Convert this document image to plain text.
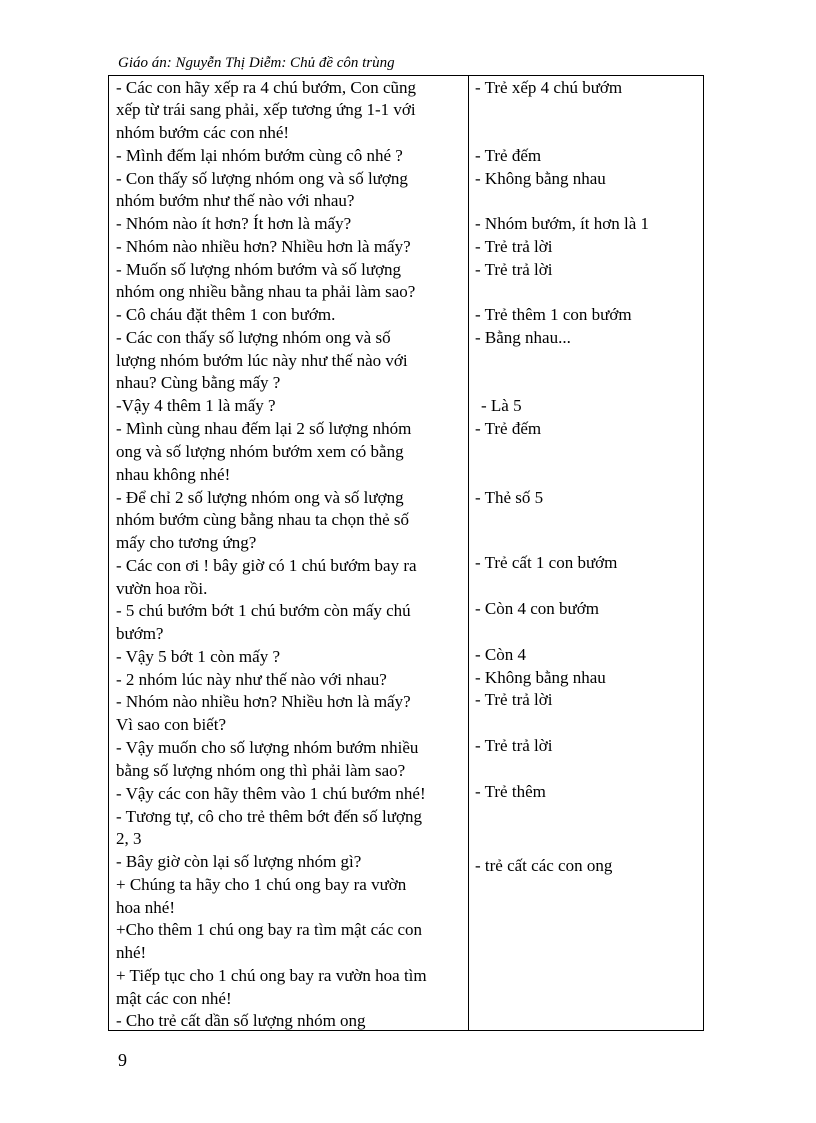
Giáo án: Nguyễn Thị Diễm: Chủ đề côn trùng
- Các con hãy xếp ra 4 chú bướm, Con cũng
xếp từ trái sang phải, xếp tương ứng 1-1 với
nhóm bướm các con nhé!
- Mình đếm lại nhóm bướm cùng cô nhé ?
- Con thấy số lượng nhóm ong và số lượng
nhóm bướm như thế nào với nhau?
- Nhóm nào ít hơn? Ít hơn là mấy?
- Nhóm nào nhiều hơn? Nhiều hơn là mấy?
- Muốn số lượng nhóm bướm và số lượng
nhóm ong nhiều bằng nhau ta phải làm sao?
- Cô cháu đặt thêm 1 con bướm.
- Các con thấy số lượng nhóm ong và số
lượng nhóm bướm lúc này như thế nào với
nhau? Cùng bằng mấy ?
-Vậy 4 thêm 1 là mấy ?
- Mình cùng nhau đếm lại 2 số lượng nhóm
ong và số lượng nhóm bướm xem có bằng
nhau không nhé!
- Để chỉ 2 số lượng nhóm ong và số lượng
nhóm bướm cùng bằng nhau ta chọn thẻ số
mấy cho tương ứng?
- Các con ơi ! bây giờ có 1 chú bướm bay ra
vườn hoa rồi.
- 5 chú bướm bớt 1 chú bướm còn mấy chú
bướm?
- Vậy 5 bớt 1 còn mấy ?
- 2 nhóm lúc này như thế nào với nhau?
- Nhóm nào nhiều hơn? Nhiều hơn là mấy?
Vì sao con biết?
- Vậy muốn cho số lượng nhóm bướm nhiều
bằng số lượng nhóm ong thì phải làm sao?
- Vậy các con hãy thêm vào 1 chú bướm nhé!
- Tương tự, cô cho trẻ thêm bớt đến số lượng
2, 3
- Bây giờ còn lại số lượng nhóm gì?
+ Chúng ta hãy cho 1 chú ong bay ra vườn
hoa nhé!
+Cho thêm 1 chú ong bay ra tìm mật các con
nhé!
+ Tiếp tục cho 1 chú ong bay ra vườn hoa tìm
mật các con nhé!
- Cho trẻ cất dần số lượng nhóm ong
- Trẻ xếp 4 chú bướm
- Trẻ đếm
- Không bằng nhau
- Nhóm bướm, ít hơn là 1
- Trẻ trả lời
- Trẻ trả lời
- Trẻ thêm 1 con bướm
- Bằng nhau...
- Là 5
- Trẻ đếm
- Thẻ số 5
- Trẻ cất 1 con bướm
- Còn 4 con bướm
- Còn 4
- Không bằng nhau
- Trẻ trả lời
- Trẻ trả lời
- Trẻ thêm
- trẻ cất các con ong
9
